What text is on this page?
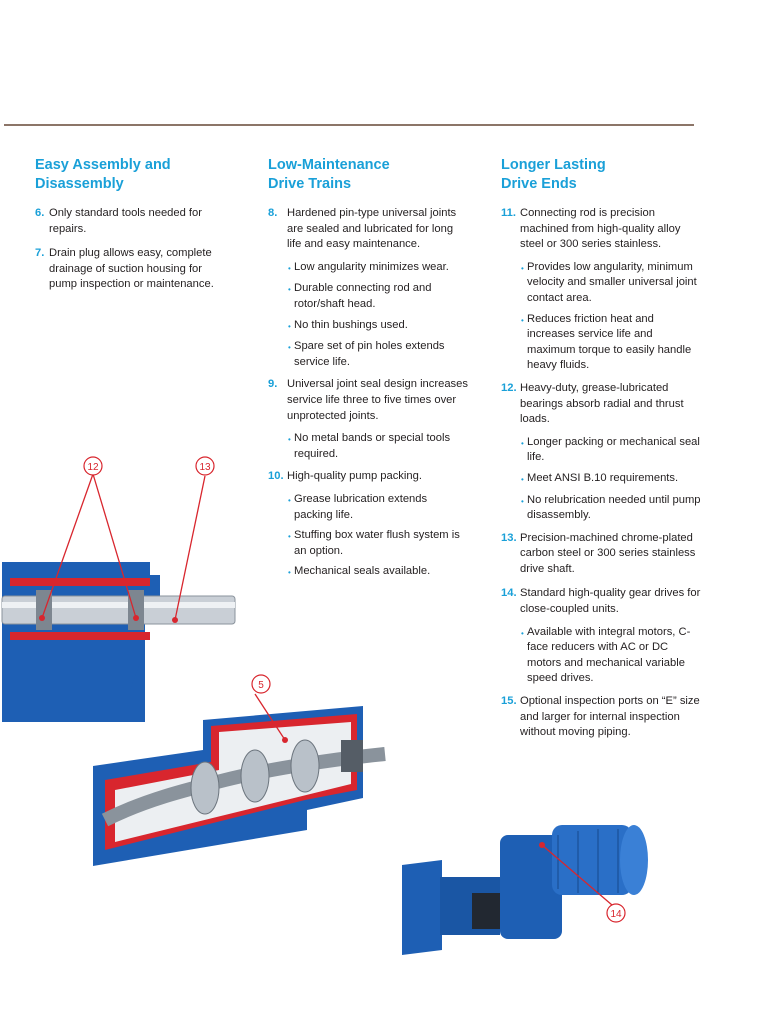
Easy Assembly and
Disassembly
6. Only standard tools needed for repairs.
7. Drain plug allows easy, complete drainage of suction housing for pump inspection or maintenance.
Low-Maintenance
Drive Trains
8. Hardened pin-type universal joints are sealed and lubricated for long life and easy maintenance.
• Low angularity minimizes wear.
• Durable connecting rod and rotor/shaft head.
• No thin bushings used.
• Spare set of pin holes extends service life.
9. Universal joint seal design increases service life three to five times over unprotected joints.
• No metal bands or special tools required.
10. High-quality pump packing.
• Grease lubrication extends packing life.
• Stuffing box water flush system is an option.
• Mechanical seals available.
Longer Lasting
Drive Ends
11. Connecting rod is precision machined from high-quality alloy steel or 300 series stainless.
• Provides low angularity, minimum velocity and smaller universal joint contact area.
• Reduces friction heat and increases service life and maximum torque to easily handle heavy fluids.
12. Heavy-duty, grease-lubricated bearings absorb radial and thrust loads.
• Longer packing or mechanical seal life.
• Meet ANSI B.10 requirements.
• No relubrication needed until pump disassembly.
13. Precision-machined chrome-plated carbon steel or 300 series stainless drive shaft.
14. Standard high-quality gear drives for close-coupled units.
• Available with integral motors, C-face reducers with AC or DC motors and mechanical variable speed drives.
15. Optional inspection ports on “E” size and larger for internal inspection without moving piping.
12	13
5
14
